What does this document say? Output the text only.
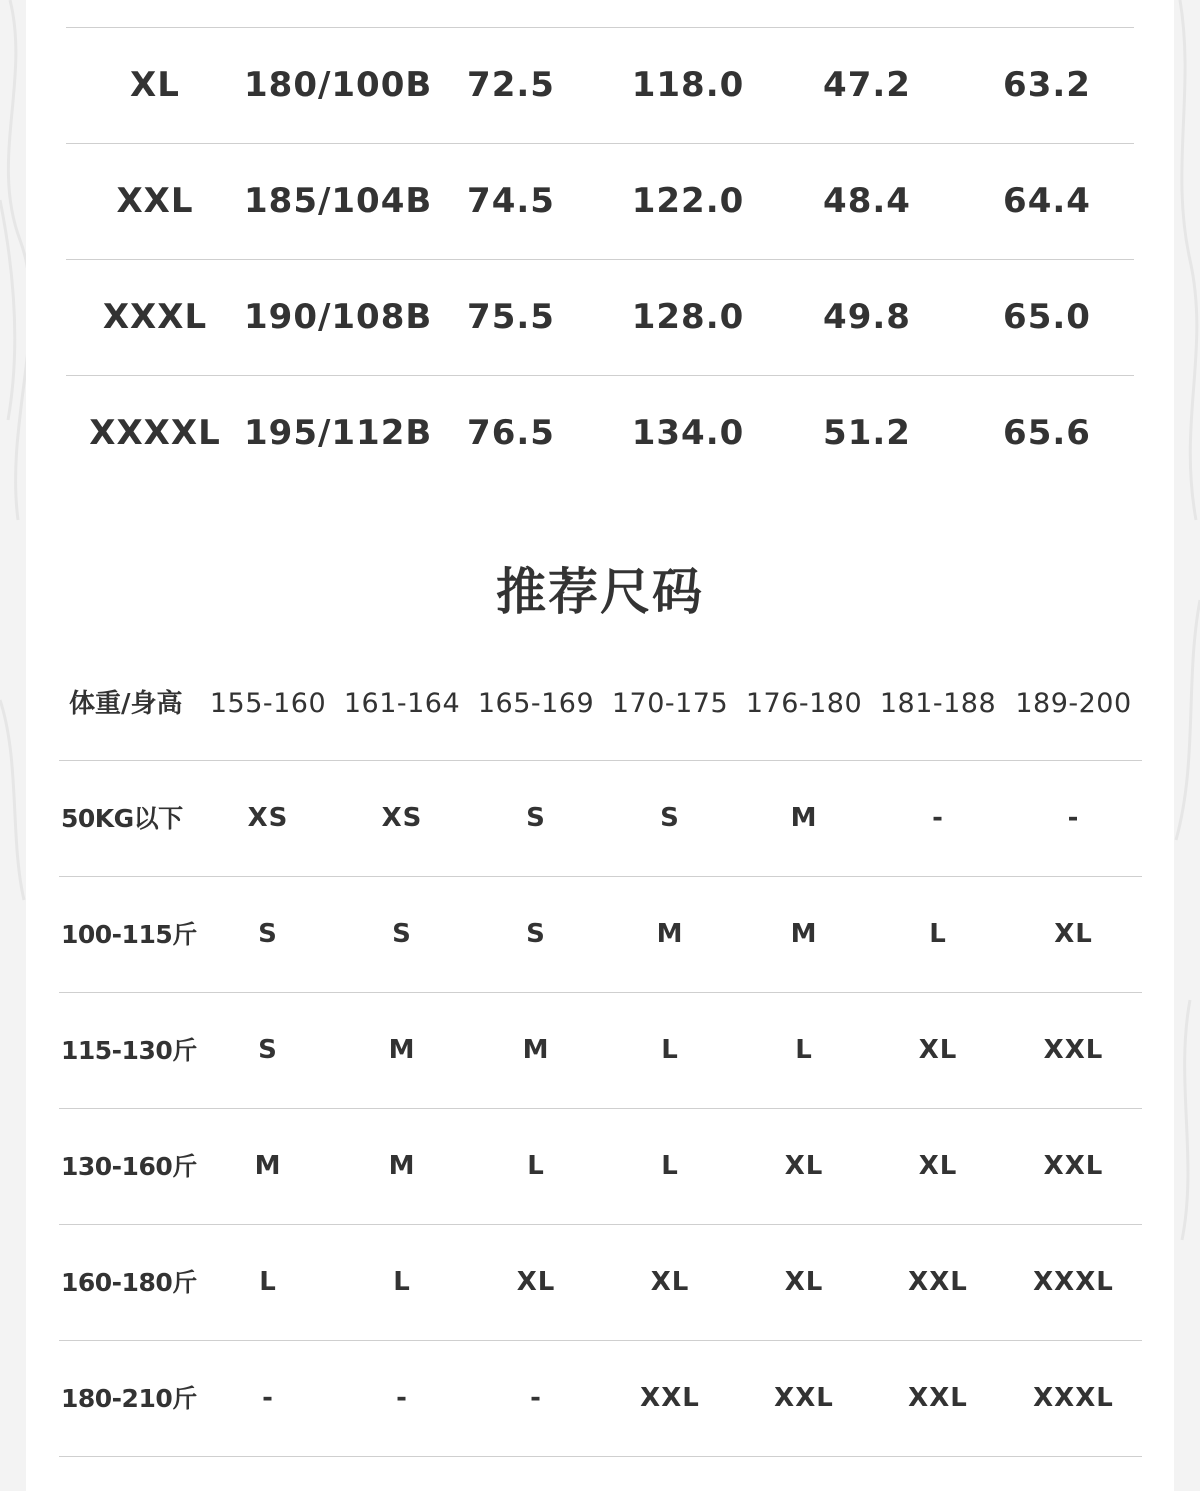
XL	180/100B	72.5	118.0	47.2	63.2
XXL	185/104B	74.5	122.0	48.4	64.4
XXXL	190/108B	75.5	128.0	49.8	65.0
XXXXL 195/112B	76.5	134.0	51.2	65.6
推荐尺码
体重/身高	155-160 161-164 165-169 170-175 176-180 181-188 189-200
50KG以下	XS	XS	S	S	M	-	-
100-115斤	S	S	S	M	M	L	XL
115-130斤	S	M	M	L	L	XL	XXL
130-160斤	M	M	L	L	XL	XL	XXL
160-180斤	L	L	XL	XL	XL	XXL	XXXL
180-210斤	-	-	-	XXL	XXL	XXL	XXXL
